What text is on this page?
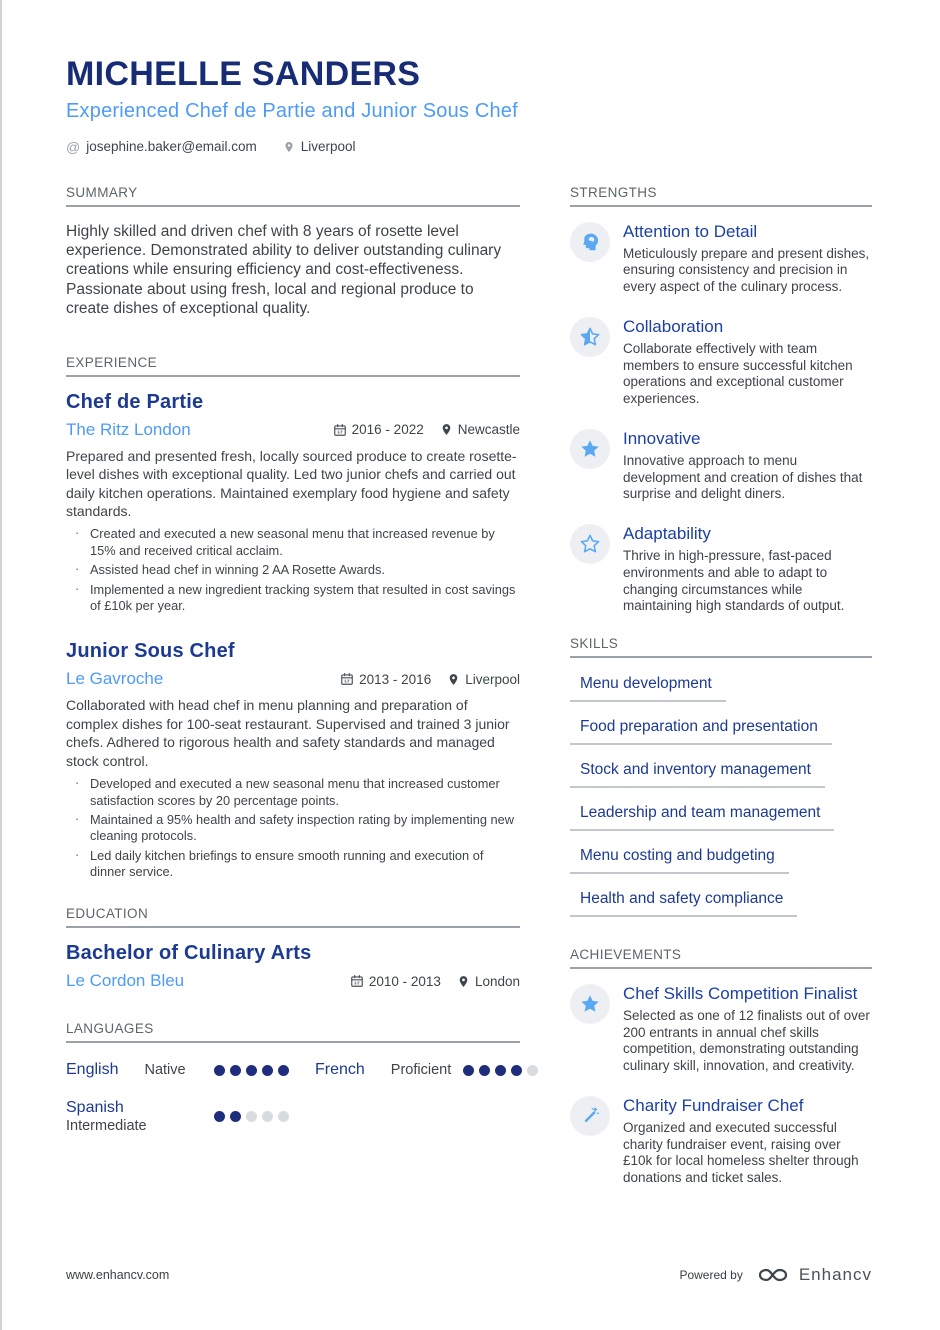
MICHELLE SANDERS
Experienced Chef de Partie and Junior Sous Chef
@ josephine.baker@email.com	Liverpool
SUMMARY

Highly skilled and driven chef with 8 years of rosette level experience. Demonstrated ability to deliver outstanding culinary creations while ensuring efficiency and cost-effectiveness. Passionate about using fresh, local and regional produce to create dishes of exceptional quality.

EXPERIENCE
Chef de Partie
The Ritz London	2016 - 2022	Newcastle

Prepared and presented fresh, locally sourced produce to create rosette-level dishes with exceptional quality. Led two junior chefs and carried out daily kitchen operations. Maintained exemplary food hygiene and safety standards.

· Created and executed a new seasonal menu that increased revenue by 15% and received critical acclaim.
· Assisted head chef in winning 2 AA Rosette Awards.
· Implemented a new ingredient tracking system that resulted in cost savings of £10k per year.
Junior Sous Chef
Le Gavroche	2013 - 2016	Liverpool

Collaborated with head chef in menu planning and preparation of complex dishes for 100-seat restaurant. Supervised and trained 3 junior chefs. Adhered to rigorous health and safety standards and managed stock control.

· Developed and executed a new seasonal menu that increased customer satisfaction scores by 20 percentage points.
· Maintained a 95% health and safety inspection rating by implementing new cleaning protocols.
· Led daily kitchen briefings to ensure smooth running and execution of dinner service.
EDUCATION
Bachelor of Culinary Arts
Le Cordon Bleu	2010 - 2013	London
LANGUAGES
English Native	French Proficient
Spanish
Intermediate
STRENGTHS
Attention to Detail
Meticulously prepare and present dishes, ensuring consistency and precision in every aspect of the culinary process.
Collaboration
Collaborate effectively with team members to ensure successful kitchen operations and exceptional customer experiences.
Innovative
Innovative approach to menu development and creation of dishes that surprise and delight diners.
Adaptability
Thrive in high-pressure, fast-paced environments and able to adapt to changing circumstances while maintaining high standards of output.
SKILLS
Menu development
Food preparation and presentation
Stock and inventory management
Leadership and team management
Menu costing and budgeting
Health and safety compliance
ACHIEVEMENTS
Chef Skills Competition Finalist
Selected as one of 12 finalists out of over 200 entrants in annual chef skills competition, demonstrating outstanding culinary skill, innovation, and creativity.
Charity Fundraiser Chef
Organized and executed successful charity fundraiser event, raising over £10k for local homeless shelter through donations and ticket sales.
www.enhancv.com	Powered by	Enhancv
